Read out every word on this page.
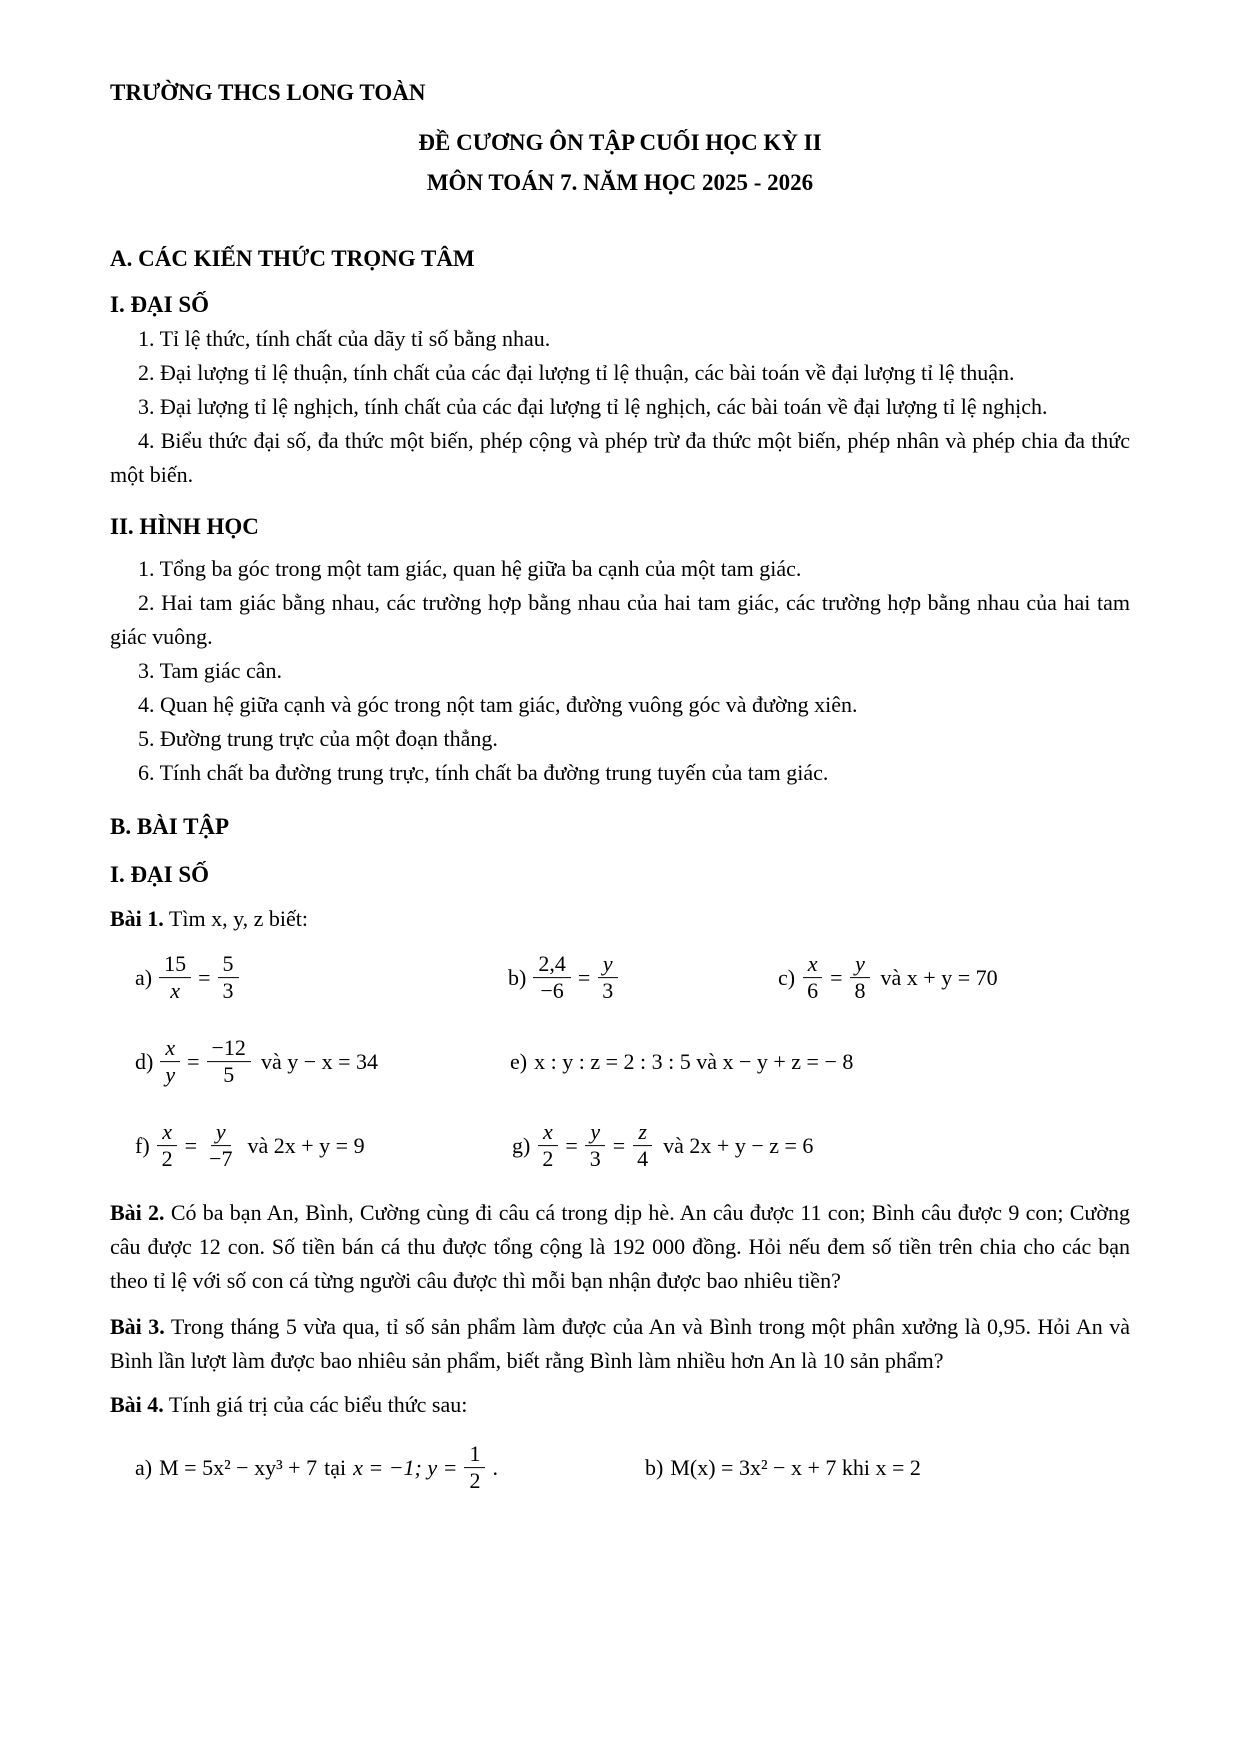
TRƯỜNG THCS LONG TOÀN

ĐỀ CƯƠNG ÔN TẬP CUỐI HỌC KỲ II

MÔN TOÁN 7. NĂM HỌC 2025 - 2026

A. CÁC KIẾN THỨC TRỌNG TÂM

I. ĐẠI SỐ

1. Tỉ lệ thức, tính chất của dãy tỉ số bằng nhau.

2. Đại lượng tỉ lệ thuận, tính chất của các đại lượng tỉ lệ thuận, các bài toán về đại lượng tỉ lệ thuận.

3. Đại lượng tỉ lệ nghịch, tính chất của các đại lượng tỉ lệ nghịch, các bài toán về đại lượng tỉ lệ nghịch.

4. Biểu thức đại số, đa thức một biến, phép cộng và phép trừ đa thức một biến, phép nhân và phép chia đa thức một biến.

II. HÌNH HỌC

1. Tổng ba góc trong một tam giác, quan hệ giữa ba cạnh của một tam giác.

2. Hai tam giác bằng nhau, các trường hợp bằng nhau của hai tam giác, các trường hợp bằng nhau của hai tam giác vuông.

3. Tam giác cân.

4. Quan hệ giữa cạnh và góc trong nột tam giác, đường vuông góc và đường xiên.

5. Đường trung trực của một đoạn thẳng.

6. Tính chất ba đường trung trực, tính chất ba đường trung tuyến của tam giác.

B. BÀI TẬP

I. ĐẠI SỐ

Bài 1. Tìm x, y, z biết:

$a) \frac{15}{x} = \frac{5}{3}$	$b) \frac{2,4}{-6} = \frac{y}{3}$	$c) \frac{x}{6} = \frac{y}{8}$ và x + y = 70
$d) \frac{x}{y} = \frac{-12}{5}$ và y − x = 34	e) x : y : z = 2 : 3 : 5 và x − y + z = − 8
$f) \frac{x}{2} = \frac{y}{-7}$ và 2x + y = 9	$g) \frac{x}{2} = \frac{y}{3} = \frac{z}{4}$ và 2x + y − z = 6

Bài 2. Có ba bạn An, Bình, Cường cùng đi câu cá trong dịp hè. An câu được 11 con; Bình câu được 9 con; Cường câu được 12 con. Số tiền bán cá thu được tổng cộng là 192 000 đồng. Hỏi nếu đem số tiền trên chia cho các bạn theo tỉ lệ với số con cá từng người câu được thì mỗi bạn nhận được bao nhiêu tiền?

Bài 3. Trong tháng 5 vừa qua, tỉ số sản phẩm làm được của An và Bình trong một phân xưởng là 0,95. Hỏi An và Bình lần lượt làm được bao nhiêu sản phẩm, biết rằng Bình làm nhiều hơn An là 10 sản phẩm?

Bài 4. Tính giá trị của các biểu thức sau:

a) M = 5x² − xy³ + 7 tại x = −1; $y = \frac{1}{2}$ .	b) M(x) = 3x² − x + 7 khi x = 2
